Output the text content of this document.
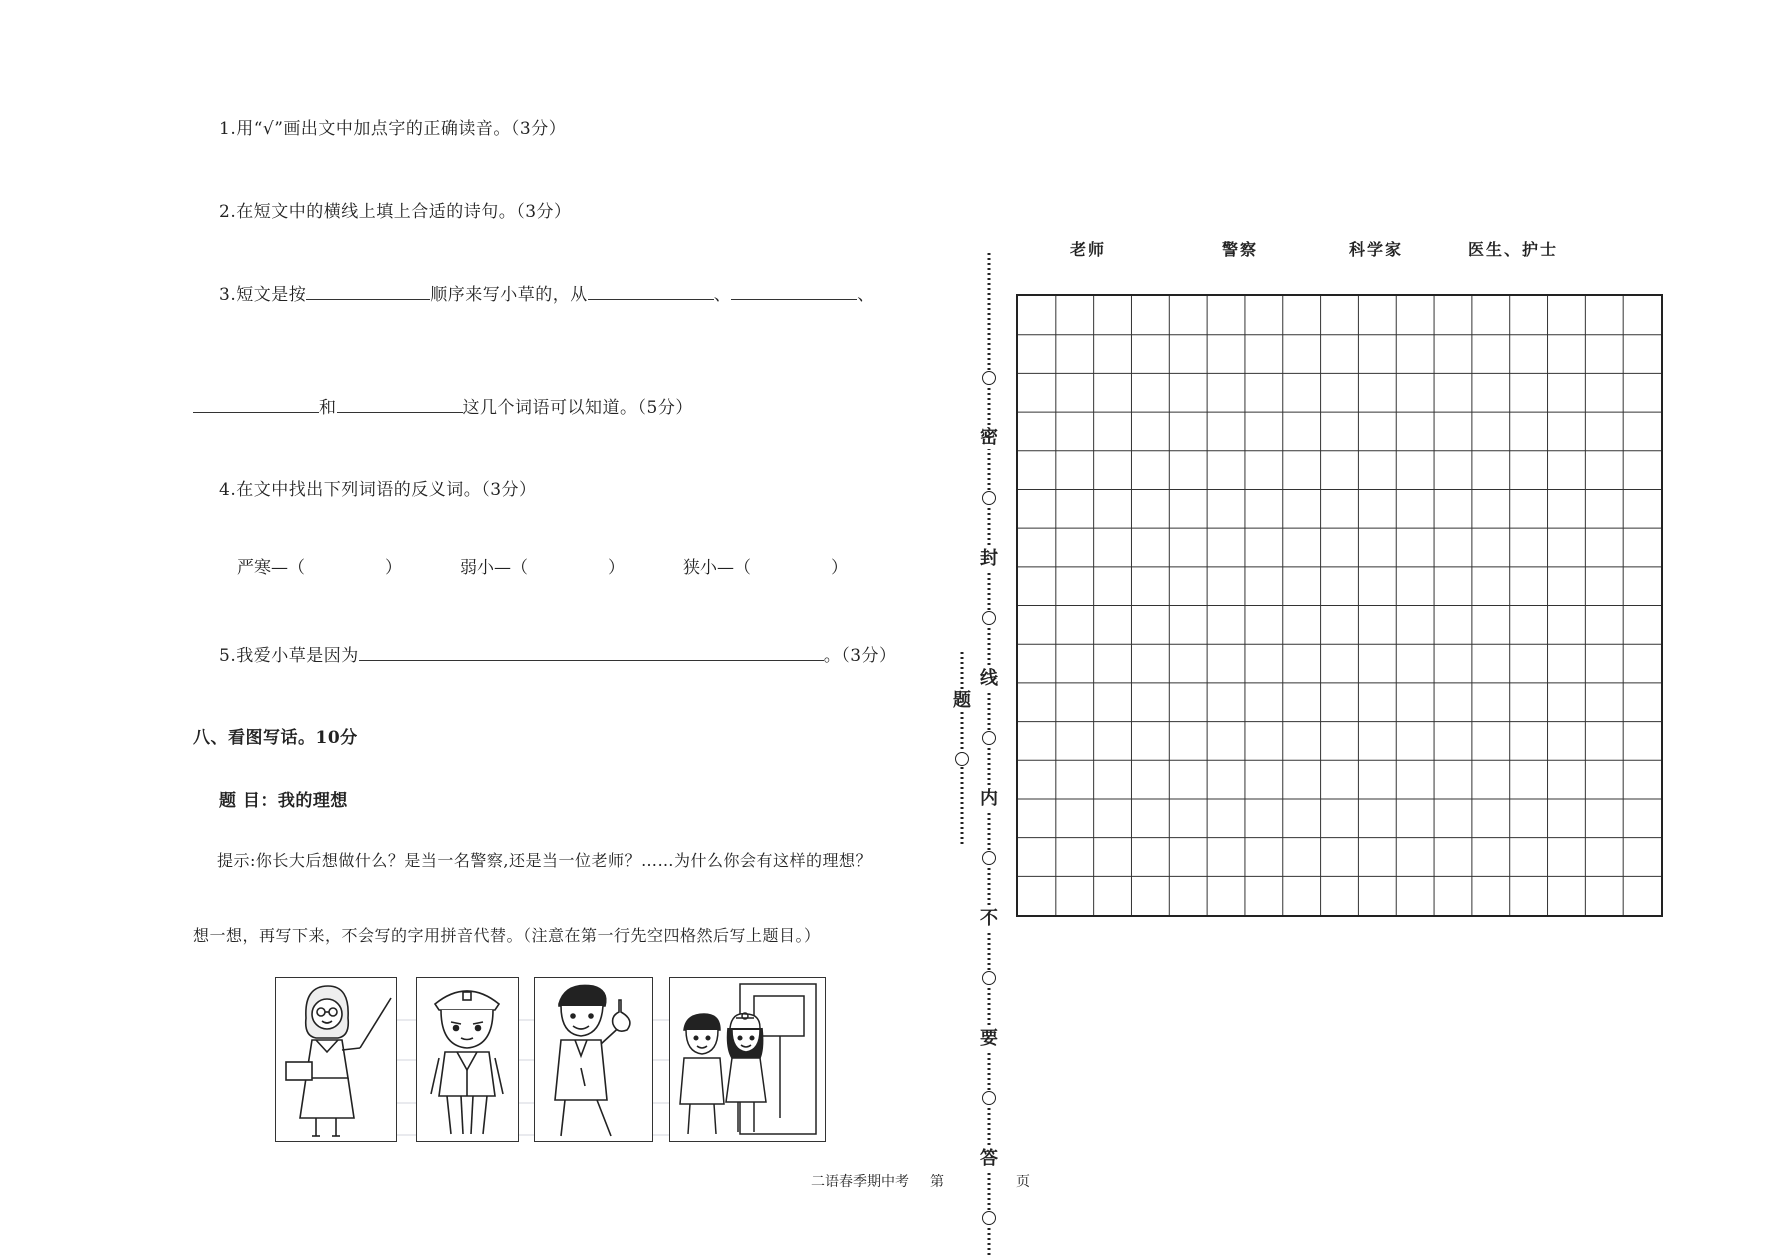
1.用“√”画出文中加点字的正确读音。（3分）
2.在短文中的横线上填上合适的诗句。（3分）
3.短文是按	顺序来写小草的，从	、	、
和	这几个词语可以知道。（5分）
4.在文中找出下列词语的反义词。（3分）
严寒—（	）	弱小—（	）	狭小—（	）
5.我爱小草是因为	。（3分）
八、看图写话。10分
题 目：我的理想
提示:你长大后想做什么？是当一名警察,还是当一位老师？……为什么你会有这样的理想？
想一想，再写下来，不会写的字用拼音代替。（注意在第一行先空四格然后写上题目。）
密
封
线
内
不
要
答
题
老师	警察	科学家	医生、护士
二语春季期中考 第	页
